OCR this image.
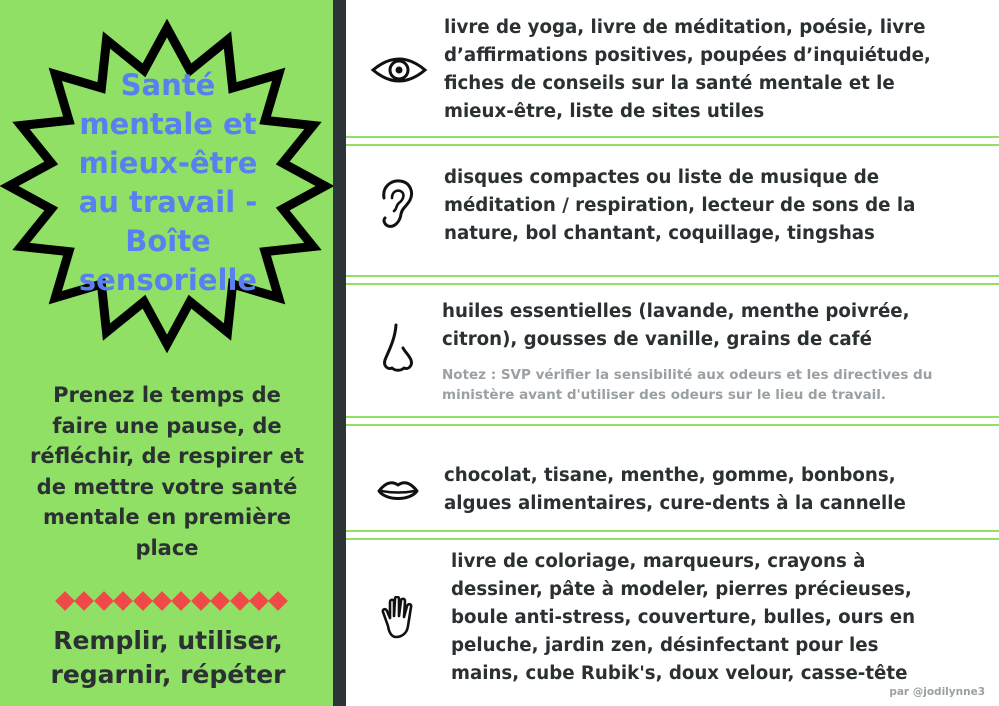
Santé mentale et mieux-être au travail - Boîte sensorielle

Prenez le temps de faire une pause, de réfléchir, de respirer et de mettre votre santé mentale en première place

Remplir, utiliser, regarnir, répéter

livre de yoga, livre de méditation, poésie, livre d’affirmations positives, poupées d’inquiétude, fiches de conseils sur la santé mentale et le mieux-être, liste de sites utiles

disques compactes ou liste de musique de méditation / respiration, lecteur de sons de la nature, bol chantant, coquillage, tingshas

huiles essentielles (lavande, menthe poivrée, citron), gousses de vanille, grains de café

Notez : SVP vérifier la sensibilité aux odeurs et les directives du ministère avant d'utiliser des odeurs sur le lieu de travail.

chocolat, tisane, menthe, gomme, bonbons, algues alimentaires, cure-dents à la cannelle

livre de coloriage, marqueurs, crayons à dessiner, pâte à modeler, pierres précieuses, boule anti-stress, couverture, bulles, ours en peluche, jardin zen, désinfectant pour les mains, cube Rubik's, doux velour, casse-tête

par @jodilynne3
